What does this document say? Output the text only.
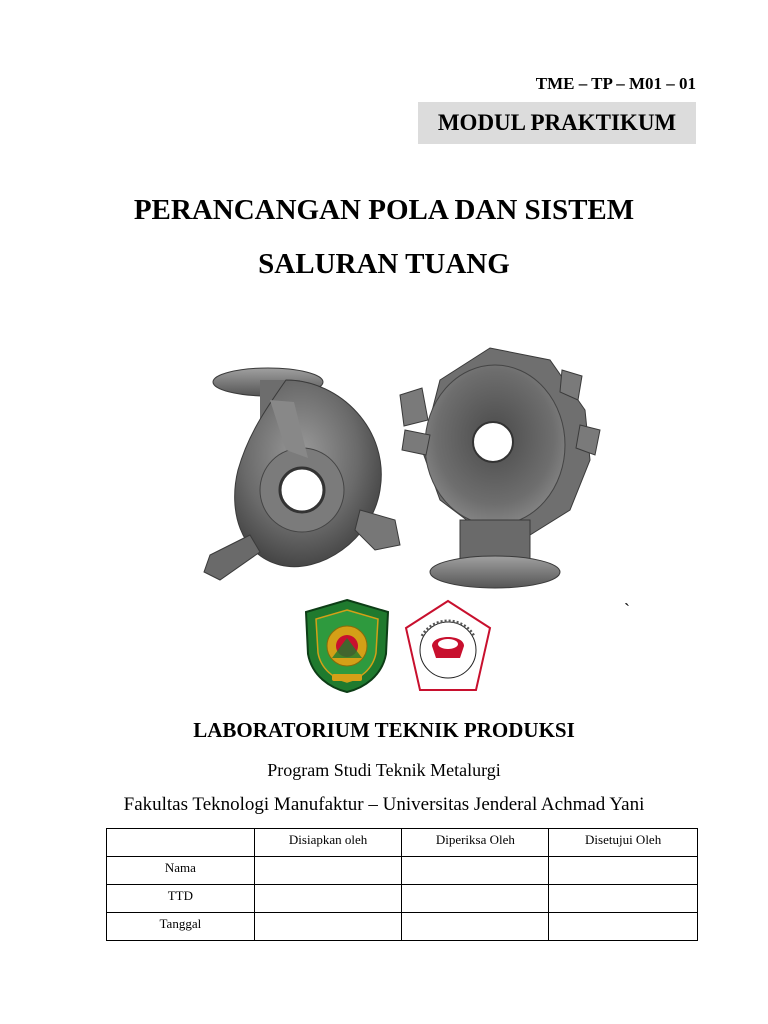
TME – TP – M01 – 01
MODUL PRAKTIKUM
PERANCANGAN POLA DAN SISTEM
SALURAN TUANG
`
LABORATORIUM TEKNIK PRODUKSI
Program Studi Teknik Metalurgi
Fakultas Teknologi Manufaktur – Universitas Jenderal Achmad Yani
	Disiapkan oleh	Diperiksa Oleh	Disetujui Oleh
Nama			
TTD			
Tanggal			
